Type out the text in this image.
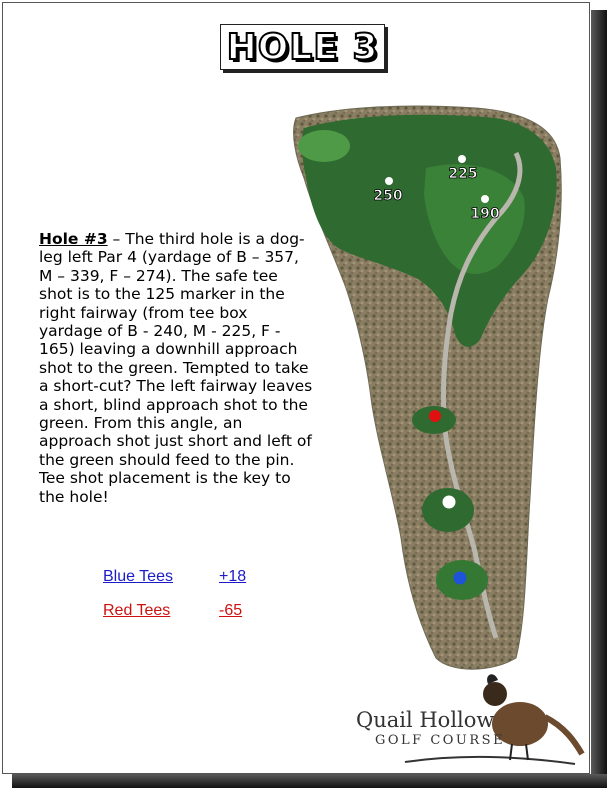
HOLE 3
Hole #3 – The third hole is a dog-leg left Par 4 (yardage of B – 357, M – 339, F – 274). The safe tee shot is to the 125 marker in the right fairway (from tee box yardage of B - 240, M - 225, F - 165) leaving a downhill approach shot to the green. Tempted to take a short-cut? The left fairway leaves a short, blind approach shot to the green. From this angle, an approach shot just short and left of the green should feed to the pin. Tee shot placement is the key to the hole!
Blue Tees	+18
Red Tees	-65
250
225
190
Quail Hollow
GOLF COURSE
